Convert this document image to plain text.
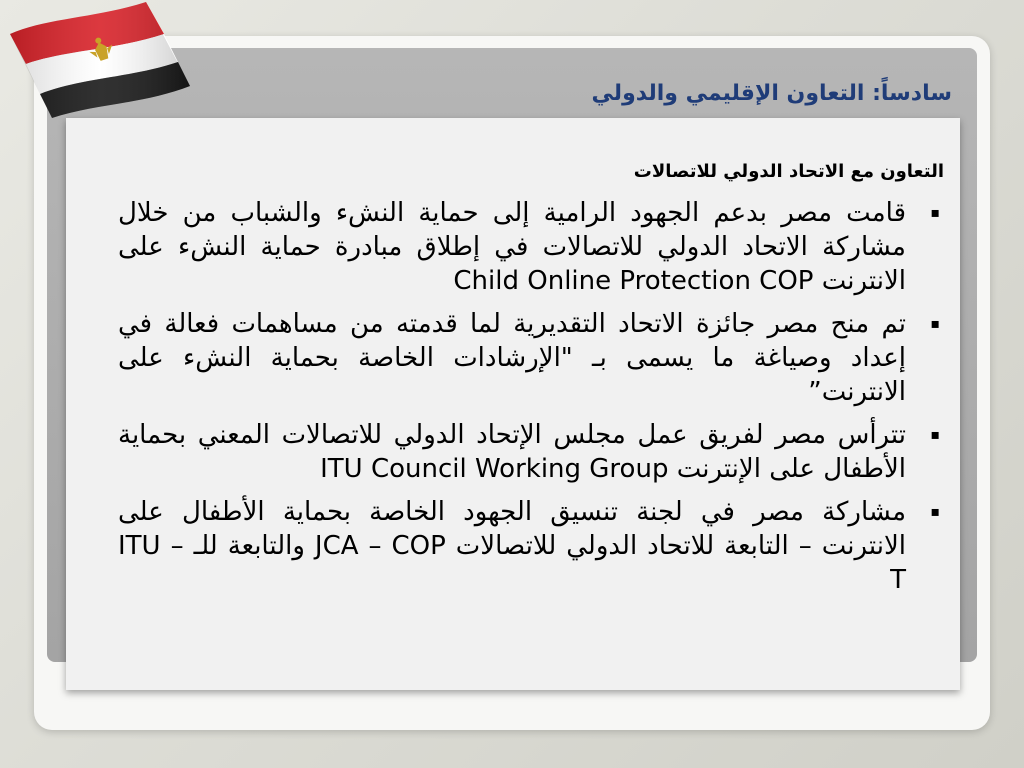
سادساً: التعاون الإقليمي والدولي
التعاون مع الاتحاد الدولي للاتصالات
▪
قامت مصر بدعم الجهود الرامية إلى حماية النشء والشباب من خلال مشاركة الاتحاد الدولي للاتصالات في إطلاق مبادرة حماية النشء على الانترنت Child Online Protection COP
▪
تم منح مصر جائزة الاتحاد التقديرية لما قدمته من مساهمات فعالة في إعداد وصياغة ما يسمى بـ "الإرشادات الخاصة بحماية النشء على الانترنت”
▪
تترأس مصر لفريق عمل مجلس الإتحاد الدولي للاتصالات المعني بحماية الأطفال على الإنترنت ITU Council Working Group
▪
مشاركة مصر في لجنة تنسيق الجهود الخاصة بحماية الأطفال على الانترنت – التابعة للاتحاد الدولي للاتصالات JCA – COP والتابعة للـ ITU – T
